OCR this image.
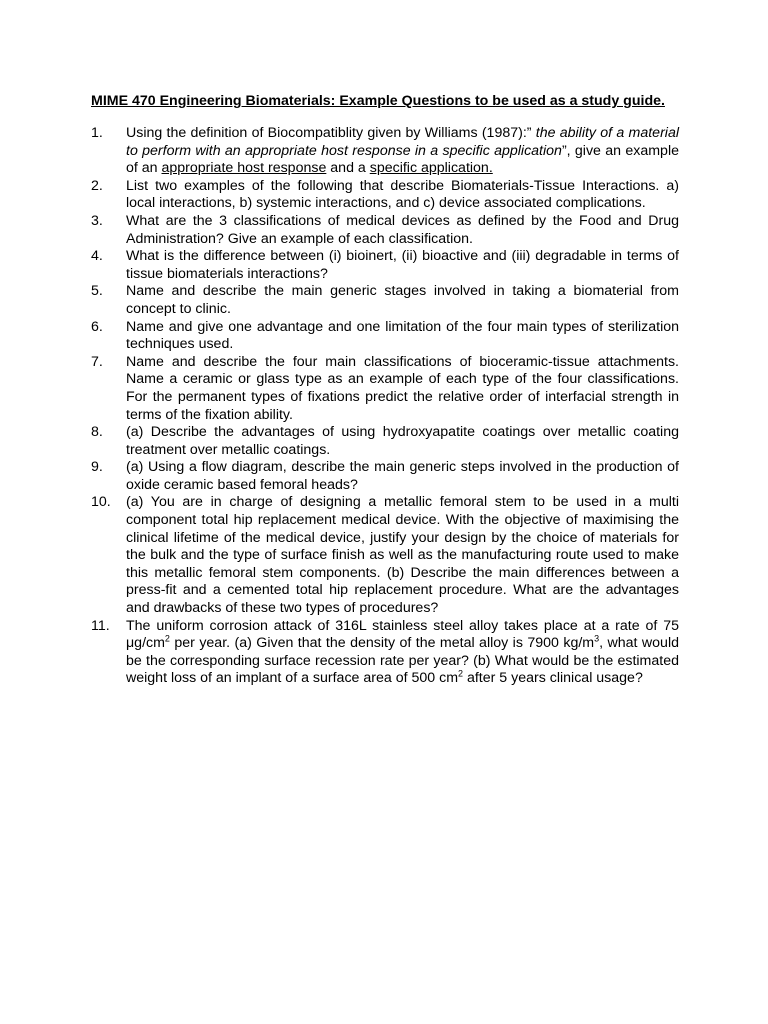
MIME 470 Engineering Biomaterials: Example Questions to be used as a study guide.
1.	Using the definition of Biocompatiblity given by Williams (1987):” the ability of a material to perform with an appropriate host response in a specific application”, give an example of an appropriate host response and a specific application.
2.	List two examples of the following that describe Biomaterials-Tissue Interactions. a) local interactions, b) systemic interactions, and c) device associated complications.
3.	What are the 3 classifications of medical devices as defined by the Food and Drug Administration? Give an example of each classification.
4.	What is the difference between (i) bioinert, (ii) bioactive and (iii) degradable in terms of tissue biomaterials interactions?
5.	Name and describe the main generic stages involved in taking a biomaterial from concept to clinic.
6.	Name and give one advantage and one limitation of the four main types of sterilization techniques used.
7.	Name and describe the four main classifications of bioceramic-tissue attachments. Name a ceramic or glass type as an example of each type of the four classifications. For the permanent types of fixations predict the relative order of interfacial strength in terms of the fixation ability.
8.	(a) Describe the advantages of using hydroxyapatite coatings over metallic coating treatment over metallic coatings.
9.	(a) Using a flow diagram, describe the main generic steps involved in the production of oxide ceramic based femoral heads?
10.	(a) You are in charge of designing a metallic femoral stem to be used in a multi component total hip replacement medical device. With the objective of maximising the clinical lifetime of the medical device, justify your design by the choice of materials for the bulk and the type of surface finish as well as the manufacturing route used to make this metallic femoral stem components. (b) Describe the main differences between a press-fit and a cemented total hip replacement procedure. What are the advantages and drawbacks of these two types of procedures?
11.	The uniform corrosion attack of 316L stainless steel alloy takes place at a rate of 75 $\mu g/cm^2$ per year. (a) Given that the density of the metal alloy is 7900 $kg/m^3$, what would be the corresponding surface recession rate per year? (b) What would be the estimated weight loss of an implant of a surface area of 500 $cm^2$ after 5 years clinical usage?
